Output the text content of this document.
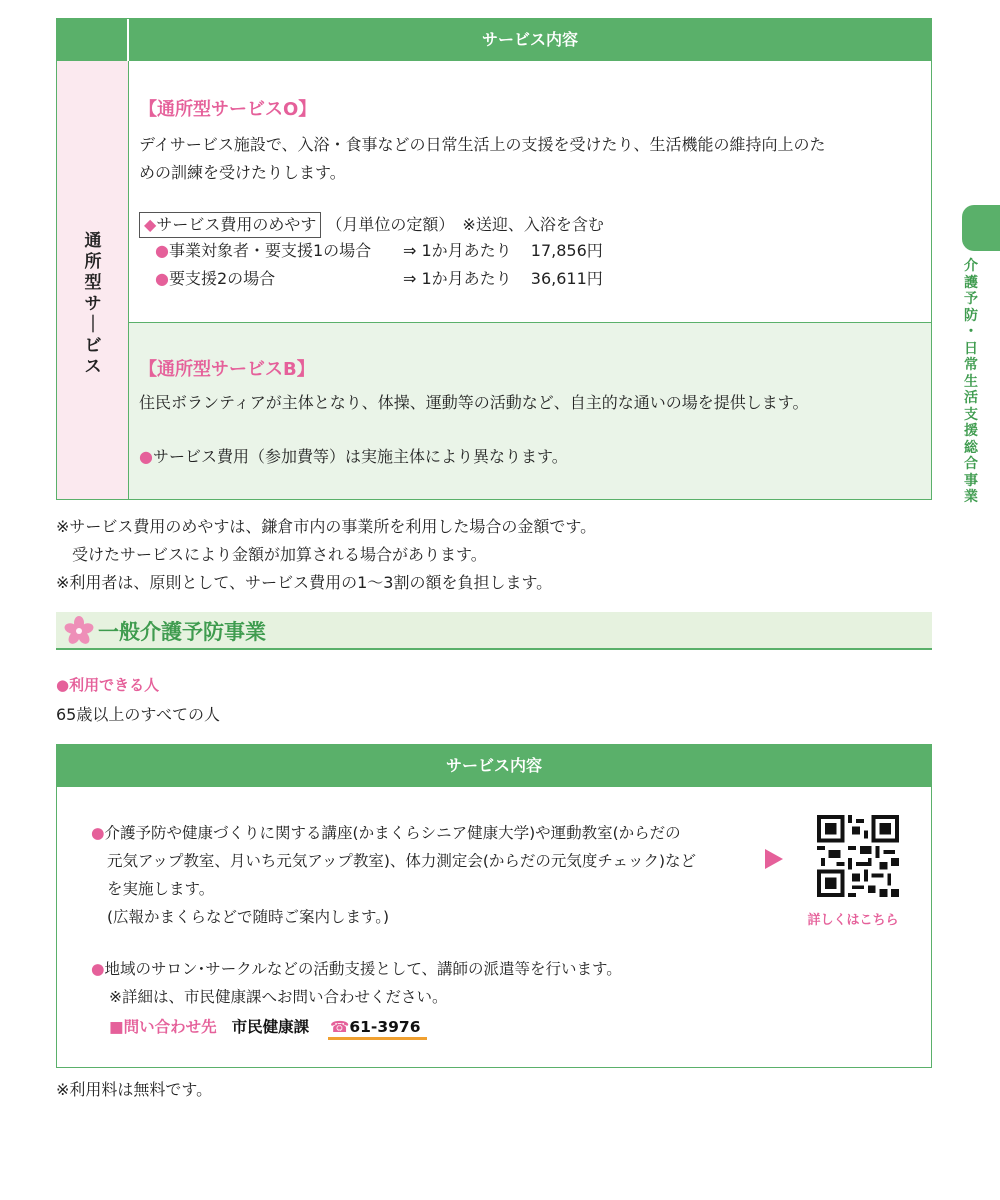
介
護
予
防
・
日
常
生
活
支
援
総
合
事
業
サービス内容
通
所
型
サ
｜
ビ
ス
【通所型サービスO】
デイサービス施設で、入浴・食事などの日常生活上の支援を受けたり、生活機能の維持向上のた
めの訓練を受けたりします。
◆サービス費用のめやす （月単位の定額）　※送迎、入浴を含む
●事業対象者・要支援1の場合 ⇒ 1か月あたり 17,856円
●要支援2の場合	⇒ 1か月あたり 36,611円
【通所型サービスB】
住民ボランティアが主体となり、体操、運動等の活動など、自主的な通いの場を提供します。
●サービス費用（参加費等）は実施主体により異なります。
※サービス費用のめやすは、鎌倉市内の事業所を利用した場合の金額です。
　受けたサービスにより金額が加算される場合があります。
※利用者は、原則として、サービス費用の1～3割の額を負担します。
一般介護予防事業
●利用できる人
65歳以上のすべての人
サービス内容
●介護予防や健康づくりに関する講座(かまくらシニア健康大学)や運動教室(からだの
元気アップ教室、月いち元気アップ教室)、体力測定会(からだの元気度チェック)など
を実施します。
(広報かまくらなどで随時ご案内します。)	詳しくはこちら
●地域のサロン･サークルなどの活動支援として、講師の派遣等を行います。
※詳細は、市民健康課へお問い合わせください。
■問い合わせ先 市民健康課 ☎61-3976
※利用料は無料です。
